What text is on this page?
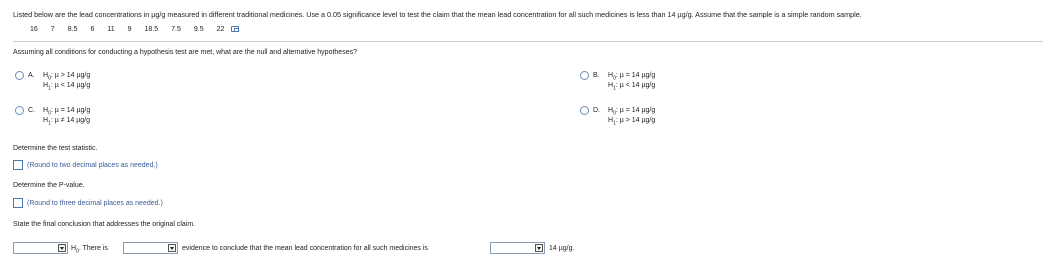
Listed below are the lead concentrations in µg/g measured in different traditional medicines. Use a 0.05 significance level to test the claim that the mean lead concentration for all such medicines is less than 14 µg/g. Assume that the sample is a simple random sample.
16 7 8.5 6 11 9 18.5 7.5 9.5 22
Assuming all conditions for conducting a hypothesis test are met, what are the null and alternative hypotheses?
A. $H_0$: µ > 14 µg/g
$H_1$: µ < 14 µg/g
B. $H_0$: µ = 14 µg/g
$H_1$: µ < 14 µg/g
C. $H_0$: µ = 14 µg/g
$H_1$: µ ≠ 14 µg/g
D. $H_0$: µ = 14 µg/g
$H_1$: µ > 14 µg/g
Determine the test statistic.
(Round to two decimal places as needed.)
Determine the P-value.
(Round to three decimal places as needed.)
State the final conclusion that addresses the original claim.
$H_0$. There is	evidence to conclude that the mean lead concentration for all such medicines is	14 µg/g.
